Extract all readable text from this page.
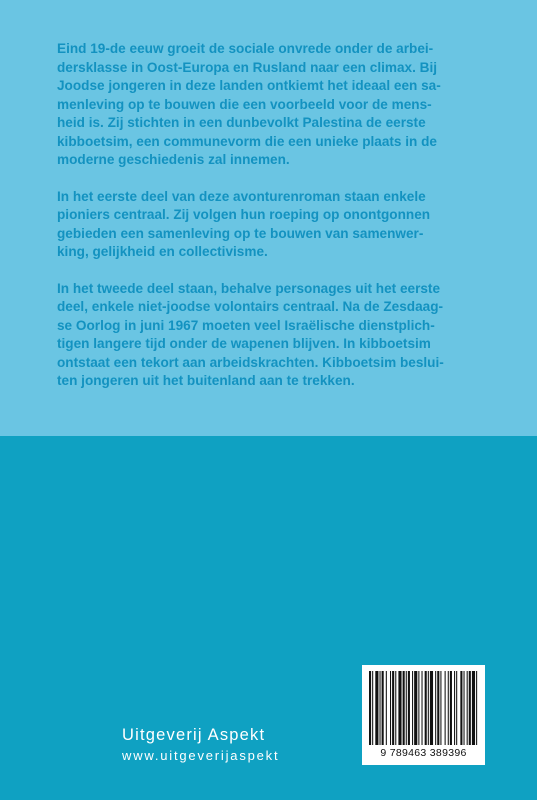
Eind 19-de eeuw groeit de sociale onvrede onder de arbei-
dersklasse in Oost-Europa en Rusland naar een climax. Bij
Joodse jongeren in deze landen ontkiemt het ideaal een sa-
menleving op te bouwen die een voorbeeld voor de mens-
heid is. Zij stichten in een dunbevolkt Palestina de eerste
kibboetsim, een communevorm die een unieke plaats in de
moderne geschiedenis zal innemen.

In het eerste deel van deze avonturenroman staan enkele
pioniers centraal. Zij volgen hun roeping op onontgonnen
gebieden een samenleving op te bouwen van samenwer-
king, gelijkheid en collectivisme.

In het tweede deel staan, behalve personages uit het eerste
deel, enkele niet-joodse volontairs centraal. Na de Zesdaag-
se Oorlog in juni 1967 moeten veel Israëlische dienstplich-
tigen langere tijd onder de wapenen blijven. In kibboetsim
ontstaat een tekort aan arbeidskrachten. Kibboetsim beslui-
ten jongeren uit het buitenland aan te trekken.

Uitgeverij Aspekt
www.uitgeverijaspekt	9 789463 389396
